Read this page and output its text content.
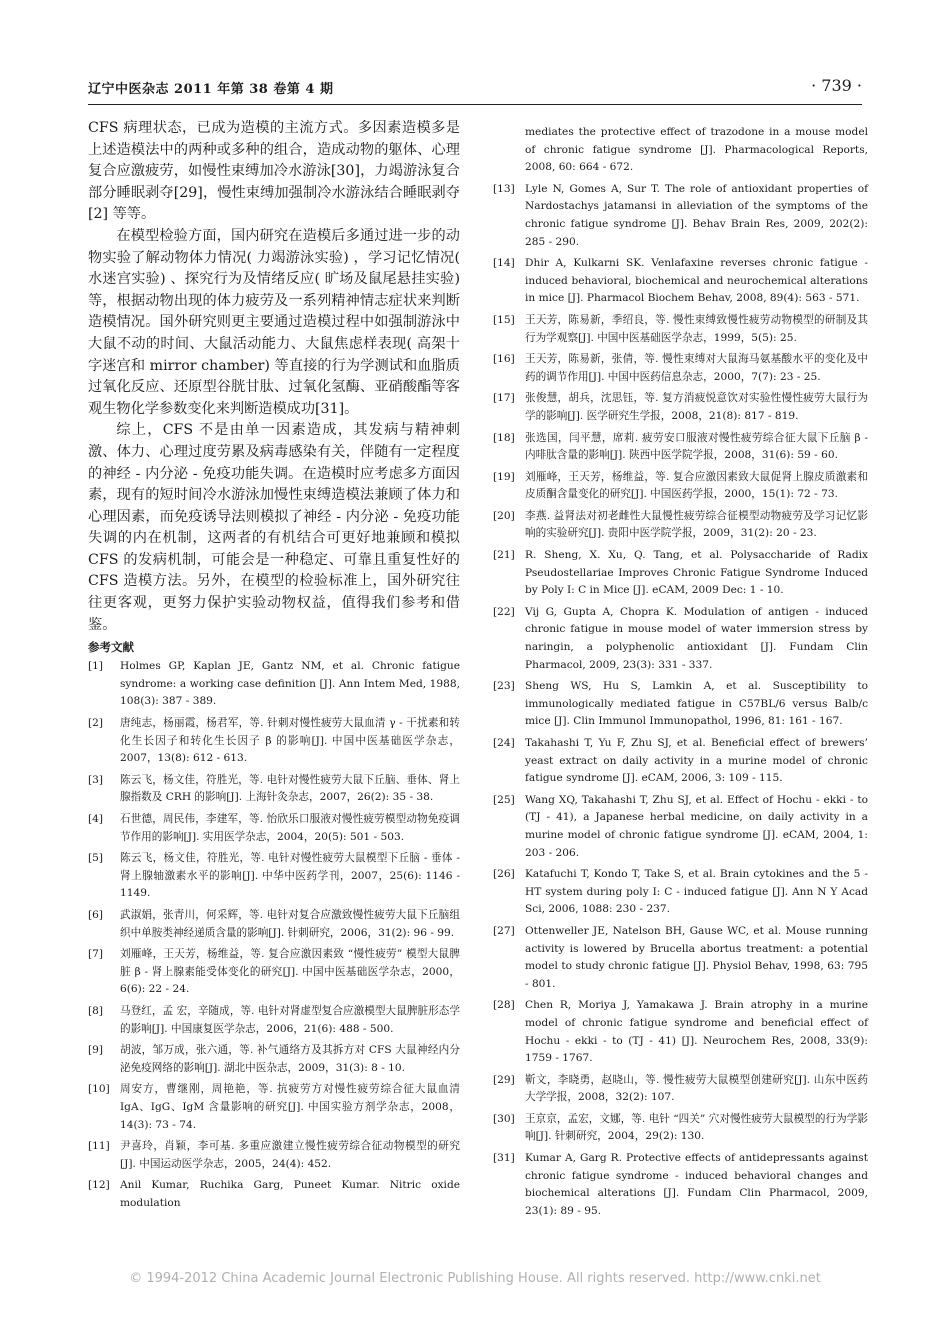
辽宁中医杂志 2011 年第 38 卷第 4 期	· 739 ·

CFS 病理状态，已成为造模的主流方式。多因素造模多是上述造模法中的两种或多种的组合，造成动物的躯体、心理复合应激疲劳，如慢性束缚加冷水游泳[30]，力竭游泳复合部分睡眠剥夺[29]，慢性束缚加强制冷水游泳结合睡眠剥夺[2] 等等。

在模型检验方面，国内研究在造模后多通过进一步的动物实验了解动物体力情况( 力竭游泳实验) ，学习记忆情况( 水迷宫实验) 、探究行为及情绪反应( 旷场及鼠尾悬挂实验) 等，根据动物出现的体力疲劳及一系列精神情志症状来判断造模情况。国外研究则更主要通过造模过程中如强制游泳中大鼠不动的时间、大鼠活动能力、大鼠焦虑样表现( 高架十字迷宫和 mirror chamber) 等直接的行为学测试和血脂质过氧化反应、还原型谷胱甘肽、过氧化氢酶、亚硝酸酯等客观生物化学参数变化来判断造模成功[31]。

综上，CFS 不是由单一因素造成，其发病与精神刺激、体力、心理过度劳累及病毒感染有关，伴随有一定程度的神经 - 内分泌 - 免疫功能失调。在造模时应考虑多方面因素，现有的短时间冷水游泳加慢性束缚造模法兼顾了体力和心理因素，而免疫诱导法则模拟了神经 - 内分泌 - 免疫功能失调的内在机制，这两者的有机结合可更好地兼顾和模拟 CFS 的发病机制，可能会是一种稳定、可靠且重复性好的 CFS 造模方法。另外，在模型的检验标准上，国外研究往往更客观，更努力保护实验动物权益，值得我们参考和借鉴。

参考文献

[1] Holmes GP, Kaplan JE, Gantz NM, et al. Chronic fatigue syndrome: a working case definition [J]. Ann Intem Med, 1988, 108(3): 387 - 389.

[2] 唐纯志，杨丽霞，杨君军，等. 针刺对慢性疲劳大鼠血清 γ - 干扰素和转化生长因子和转化生长因子 β 的影响[J]. 中国中医基础医学杂志，2007，13(8): 612 - 613.

[3] 陈云飞，杨文佳，符胜光，等. 电针对慢性疲劳大鼠下丘脑、垂体、肾上腺指数及 CRH 的影响[J]. 上海针灸杂志，2007，26(2): 35 - 38.

[4] 石世德，周民伟，李建军，等. 怡欣乐口服液对慢性疲劳模型动物免疫调节作用的影响[J]. 实用医学杂志，2004，20(5): 501 - 503.

[5] 陈云飞，杨文佳，符胜光，等. 电针对慢性疲劳大鼠模型下丘脑 - 垂体 - 肾上腺轴激素水平的影响[J]. 中华中医药学刊，2007，25(6): 1146 - 1149.

[6] 武淑娟，张青川，何采辉，等. 电针对复合应激致慢性疲劳大鼠下丘脑组织中单胺类神经递质含量的影响[J]. 针刺研究，2006，31(2): 96 - 99.

[7] 刘雁峰，王天芳，杨维益，等. 复合应激因素致 “慢性疲劳” 模型大鼠脾脏 β - 肾上腺素能受体变化的研究[J]. 中国中医基础医学杂志，2000，6(6): 22 - 24.

[8] 马登红，孟 宏，辛随成，等. 电针对肾虚型复合应激模型大鼠脾脏形态学的影响[J]. 中国康复医学杂志，2006，21(6): 488 - 500.

[9] 胡波，邹万成，张六通，等. 补气通络方及其拆方对 CFS 大鼠神经内分泌免疫网络的影响[J]. 湖北中医杂志，2009，31(3): 8 - 10.

[10] 周安方，曹继刚，周艳艳，等. 抗疲劳方对慢性疲劳综合征大鼠血清 IgA、IgG、IgM 含量影响的研究[J]. 中国实验方剂学杂志，2008，14(3): 73 - 74.

[11] 尹喜玲，肖颖，李可基. 多重应激建立慢性疲劳综合征动物模型的研究[J]. 中国运动医学杂志，2005，24(4): 452.

[12] Anil Kumar, Ruchika Garg, Puneet Kumar. Nitric oxide modulation

mediates the protective effect of trazodone in a mouse model of chronic fatigue syndrome [J]. Pharmacological Reports, 2008, 60: 664 - 672.

[13] Lyle N, Gomes A, Sur T. The role of antioxidant properties of Nardostachys jatamansi in alleviation of the symptoms of the chronic fatigue syndrome [J]. Behav Brain Res, 2009, 202(2): 285 - 290.

[14] Dhir A, Kulkarni SK. Venlafaxine reverses chronic fatigue - induced behavioral, biochemical and neurochemical alterations in mice [J]. Pharmacol Biochem Behav, 2008, 89(4): 563 - 571.

[15] 王天芳，陈易新，季绍良，等. 慢性束缚致慢性疲劳动物模型的研制及其行为学观察[J]. 中国中医基础医学杂志，1999，5(5): 25.

[16] 王天芳，陈易新，张倩，等. 慢性束缚对大鼠海马氨基酸水平的变化及中药的调节作用[J]. 中国中医药信息杂志，2000，7(7): 23 - 25.

[17] 张俊慧，胡兵，沈思钰，等. 复方消疲悦意饮对实验性慢性疲劳大鼠行为学的影响[J]. 医学研究生学报，2008，21(8): 817 - 819.

[18] 张选国，闫平慧，席莉. 疲劳安口服液对慢性疲劳综合征大鼠下丘脑 β - 内啡肽含量的影响[J]. 陕西中医学院学报，2008，31(6): 59 - 60.

[19] 刘雁峰，王天芳，杨维益，等. 复合应激因素致大鼠促肾上腺皮质激素和皮质酮含量变化的研究[J]. 中国医药学报，2000，15(1): 72 - 73.

[20] 李燕. 益肾法对初老雌性大鼠慢性疲劳综合征模型动物疲劳及学习记忆影响的实验研究[J]. 贵阳中医学院学报，2009，31(2): 20 - 23.

[21] R. Sheng, X. Xu, Q. Tang, et al. Polysaccharide of Radix Pseudostellariae Improves Chronic Fatigue Syndrome Induced by Poly I: C in Mice [J]. eCAM, 2009 Dec: 1 - 10.

[22] Vij G, Gupta A, Chopra K. Modulation of antigen - induced chronic fatigue in mouse model of water immersion stress by naringin, a polyphenolic antioxidant [J]. Fundam Clin Pharmacol, 2009, 23(3): 331 - 337.

[23] Sheng WS, Hu S, Lamkin A, et al. Susceptibility to immunologically mediated fatigue in C57BL/6 versus Balb/c mice [J]. Clin Immunol Immunopathol, 1996, 81: 161 - 167.

[24] Takahashi T, Yu F, Zhu SJ, et al. Beneficial effect of brewers’ yeast extract on daily activity in a murine model of chronic fatigue syndrome [J]. eCAM, 2006, 3: 109 - 115.

[25] Wang XQ, Takahashi T, Zhu SJ, et al. Effect of Hochu - ekki - to (TJ - 41), a Japanese herbal medicine, on daily activity in a murine model of chronic fatigue syndrome [J]. eCAM, 2004, 1: 203 - 206.

[26] Katafuchi T, Kondo T, Take S, et al. Brain cytokines and the 5 - HT system during poly I: C - induced fatigue [J]. Ann N Y Acad Sci, 2006, 1088: 230 - 237.

[27] Ottenweller JE, Natelson BH, Gause WC, et al. Mouse running activity is lowered by Brucella abortus treatment: a potential model to study chronic fatigue [J]. Physiol Behav, 1998, 63: 795 - 801.

[28] Chen R, Moriya J, Yamakawa J. Brain atrophy in a murine model of chronic fatigue syndrome and beneficial effect of Hochu - ekki - to (TJ - 41) [J]. Neurochem Res, 2008, 33(9): 1759 - 1767.

[29] 靳文，李晓勇，赵晓山，等. 慢性疲劳大鼠模型创建研究[J]. 山东中医药大学学报，2008，32(2): 107.

[30] 王京京，孟宏，文娜，等. 电针 “四关” 穴对慢性疲劳大鼠模型的行为学影响[J]. 针刺研究，2004，29(2): 130.

[31] Kumar A, Garg R. Protective effects of antidepressants against chronic fatigue syndrome - induced behavioral changes and biochemical alterations [J]. Fundam Clin Pharmacol, 2009, 23(1): 89 - 95.

© 1994-2012 China Academic Journal Electronic Publishing House. All rights reserved. http://www.cnki.net
